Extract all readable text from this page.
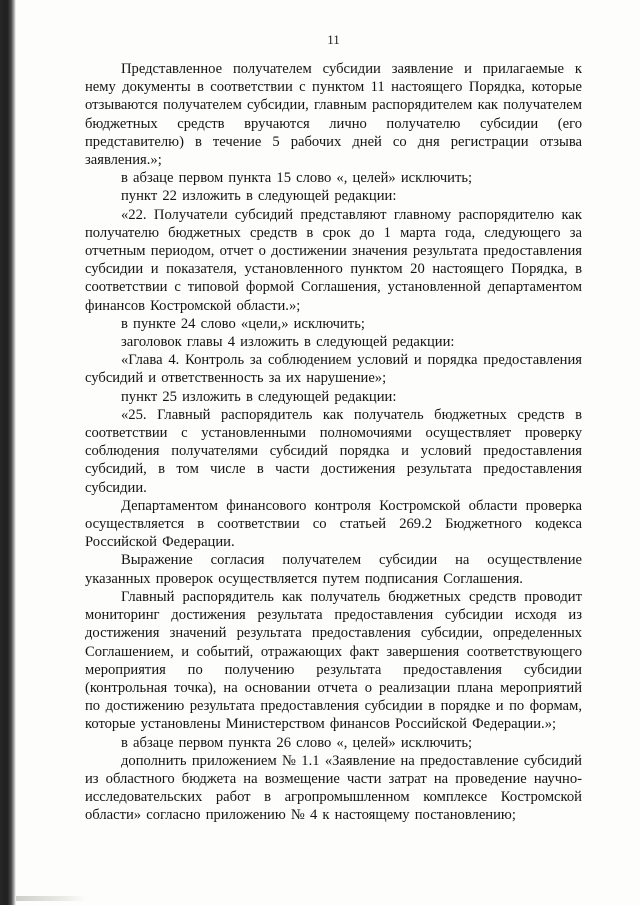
11

Представленное получателем субсидии заявление и прилагаемые к нему документы в соответствии с пунктом 11 настоящего Порядка, которые отзываются получателем субсидии, главным распорядителем как получателем бюджетных средств вручаются лично получателю субсидии (его представителю) в течение 5 рабочих дней со дня регистрации отзыва заявления.»;

в абзаце первом пункта 15 слово «, целей» исключить;

пункт 22 изложить в следующей редакции:

«22. Получатели субсидий представляют главному распорядителю как получателю бюджетных средств в срок до 1 марта года, следующего за отчетным периодом, отчет о достижении значения результата предоставления субсидии и показателя, установленного пунктом 20 настоящего Порядка, в соответствии с типовой формой Соглашения, установленной департаментом финансов Костромской области.»;

в пункте 24 слово «цели,» исключить;

заголовок главы 4 изложить в следующей редакции:

«Глава 4. Контроль за соблюдением условий и порядка предоставления субсидий и ответственность за их нарушение»;

пункт 25 изложить в следующей редакции:

«25. Главный распорядитель как получатель бюджетных средств в соответствии с установленными полномочиями осуществляет проверку соблюдения получателями субсидий порядка и условий предоставления субсидий, в том числе в части достижения результата предоставления субсидии.

Департаментом финансового контроля Костромской области проверка осуществляется в соответствии со статьей 269.2 Бюджетного кодекса Российской Федерации.

Выражение согласия получателем субсидии на осуществление указанных проверок осуществляется путем подписания Соглашения.

Главный распорядитель как получатель бюджетных средств проводит мониторинг достижения результата предоставления субсидии исходя из достижения значений результата предоставления субсидии, определенных Соглашением, и событий, отражающих факт завершения соответствующего мероприятия по получению результата предоставления субсидии (контрольная точка), на основании отчета о реализации плана мероприятий по достижению результата предоставления субсидии в порядке и по формам, которые установлены Министерством финансов Российской Федерации.»;

в абзаце первом пункта 26 слово «, целей» исключить;

дополнить приложением № 1.1 «Заявление на предоставление субсидий из областного бюджета на возмещение части затрат на проведение научно-исследовательских работ в агропромышленном комплексе Костромской области» согласно приложению № 4 к настоящему постановлению;
